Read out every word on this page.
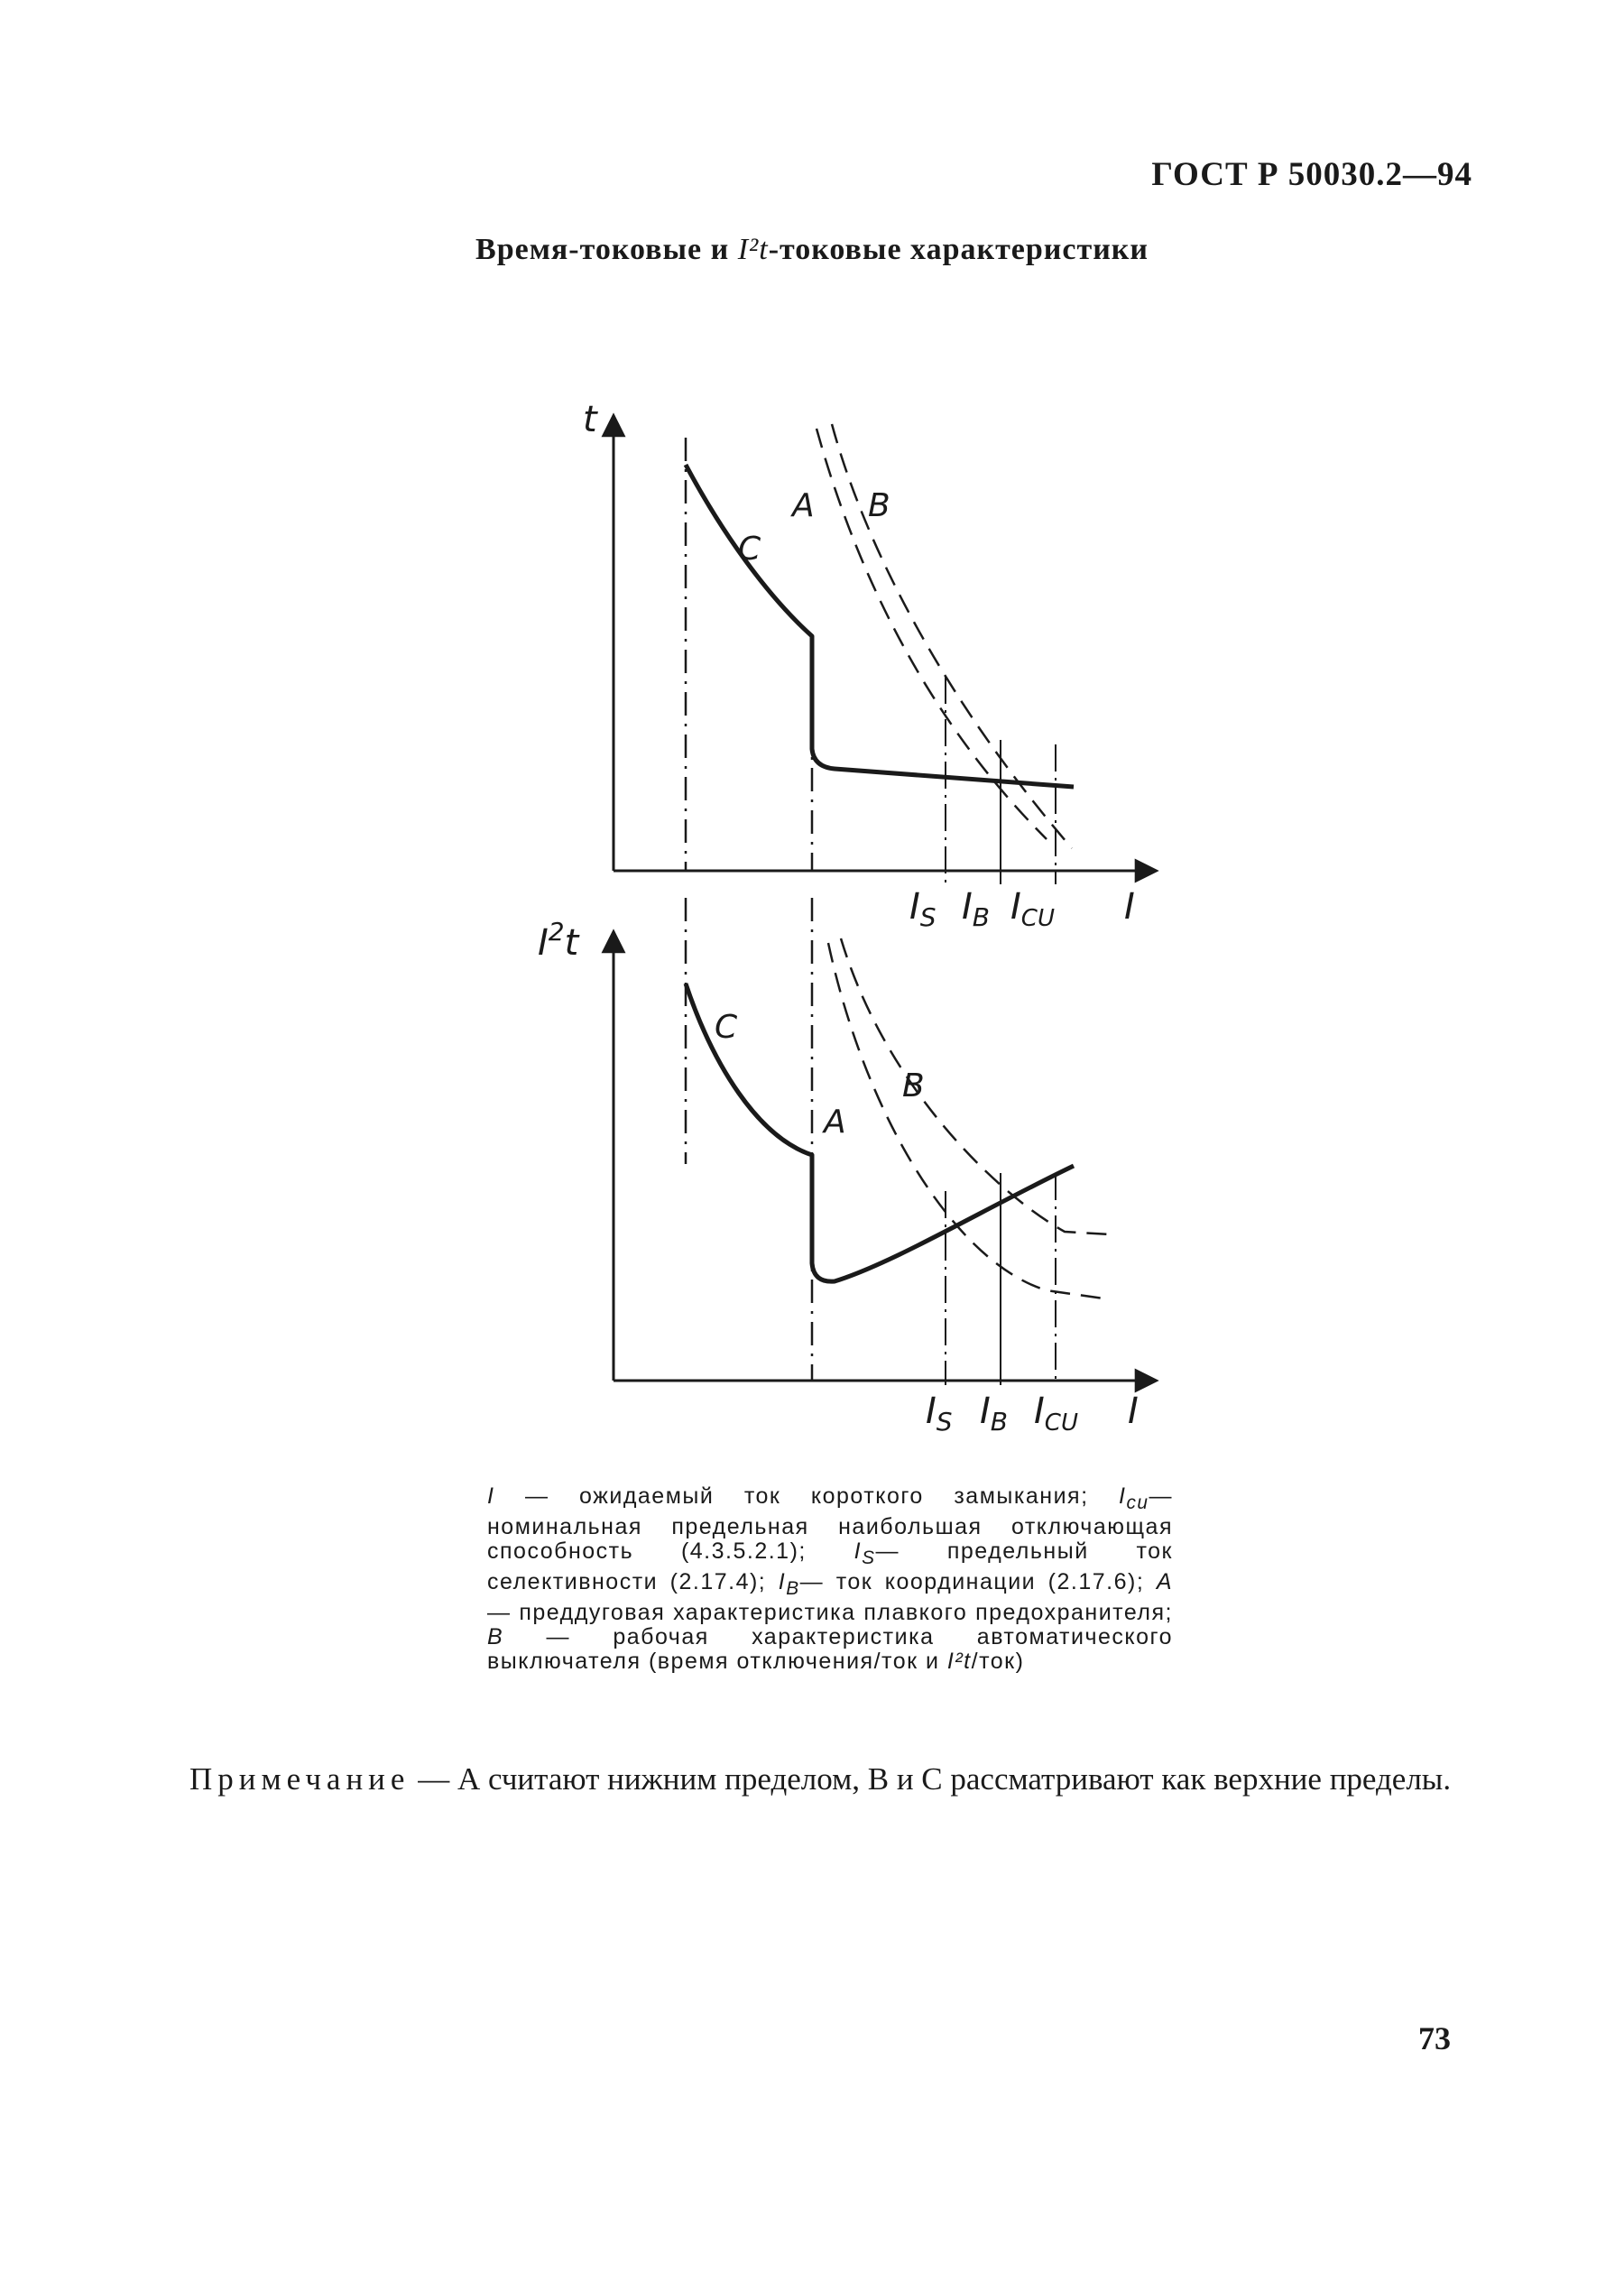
ГОСТ Р 50030.2—94
Время-токовые и I²t-токовые характеристики
t
C
A B
$I_S$ $I_B$ $I_{CU}$ I
$I^2t$
C
A
B
$I_S$ $I_B$ $I_{CU}$ I
I — ожидаемый ток короткого замыкания; $I_{cu}—$ номинальная предельная наибольшая отключающая способность (4.3.5.2.1); $I_S—$ предельный ток селективности (2.17.4); $I_B—$ ток координации (2.17.6); A — преддуговая характеристика плавкого предохранителя; B — рабочая характеристика автоматического выключателя (время отключения/ток и I²t/ток)
Примечание — А считают нижним пределом, В и С рассматривают как верхние пределы.
73
